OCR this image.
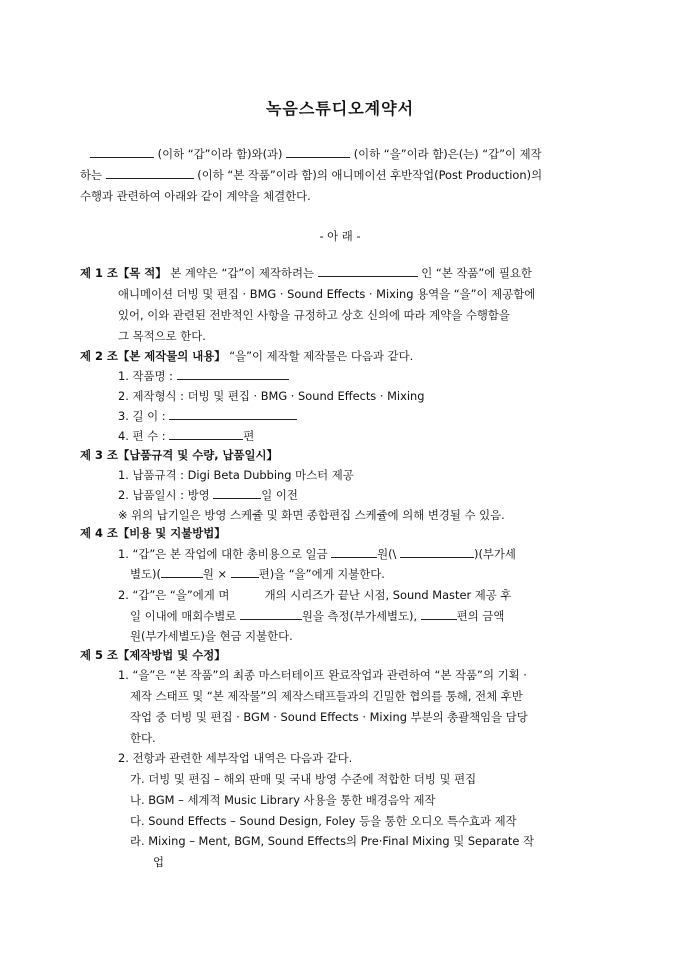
녹음스튜디오계약서
(이하 “갑”이라 함)와(과)	(이하 “을”이라 함)은(는) “갑”이 제작
하는	(이하 “본 작품”이라 함)의 애니메이션 후반작업(Post Production)의
수행과 관련하여 아래와 같이 계약을 체결한다.
- 아 래 -
제 1 조【목 적】 본 계약은 “갑”이 제작하려는	인 “본 작품”에 필요한
애니메이션 더빙 및 편집 · BMG · Sound Effects · Mixing 용역을 “을”이 제공함에
있어, 이와 관련된 전반적인 사항을 규정하고 상호 신의에 따라 계약을 수행함을
그 목적으로 한다.
제 2 조【본 제작물의 내용】 “을”이 제작할 제작물은 다음과 같다.
1. 작품명 :
2. 제작형식 : 더빙 및 편집 · BMG · Sound Effects · Mixing
3. 길 이 :
4. 편 수 :	편
제 3 조【납품규격 및 수량, 납품일시】
1. 납품규격 : Digi Beta Dubbing 마스터 제공
2. 납품일시 : 방영	일 이전
※ 위의 납기일은 방영 스케쥴 및 화면 종합편집 스케쥴에 의해 변경될 수 있음.
제 4 조【비용 및 지불방법】
1. “갑”은 본 작업에 대한 총비용으로 일금	원(\	)(부가세
별도)(	원 ×	편)을 “을”에게 지불한다.
2. “갑”은 “을”에게 며	개의 시리즈가 끝난 시점, Sound Master 제공 후
일 이내에 매회수별로	원을 측정(부가세별도),	편의 금액
원(부가세별도)을 현금 지불한다.
제 5 조【제작방법 및 수정】
1. “을”은 “본 작품”의 최종 마스터테이프 완료작업과 관련하여 “본 작품”의 기획 ·
제작 스태프 및 “본 제작물”의 제작스태프들과의 긴밀한 협의를 통해, 전체 후반
작업 중 더빙 및 편집 · BGM · Sound Effects · Mixing 부분의 총괄책임을 담당
한다.
2. 전항과 관련한 세부작업 내역은 다음과 같다.
가. 더빙 및 편집 – 해외 판매 및 국내 방영 수준에 적합한 더빙 및 편집
나. BGM – 세계적 Music Library 사용을 통한 배경음악 제작
다. Sound Effects – Sound Design, Foley 등을 통한 오디오 특수효과 제작
라. Mixing – Ment, BGM, Sound Effects의 Pre·Final Mixing 및 Separate 작
업
